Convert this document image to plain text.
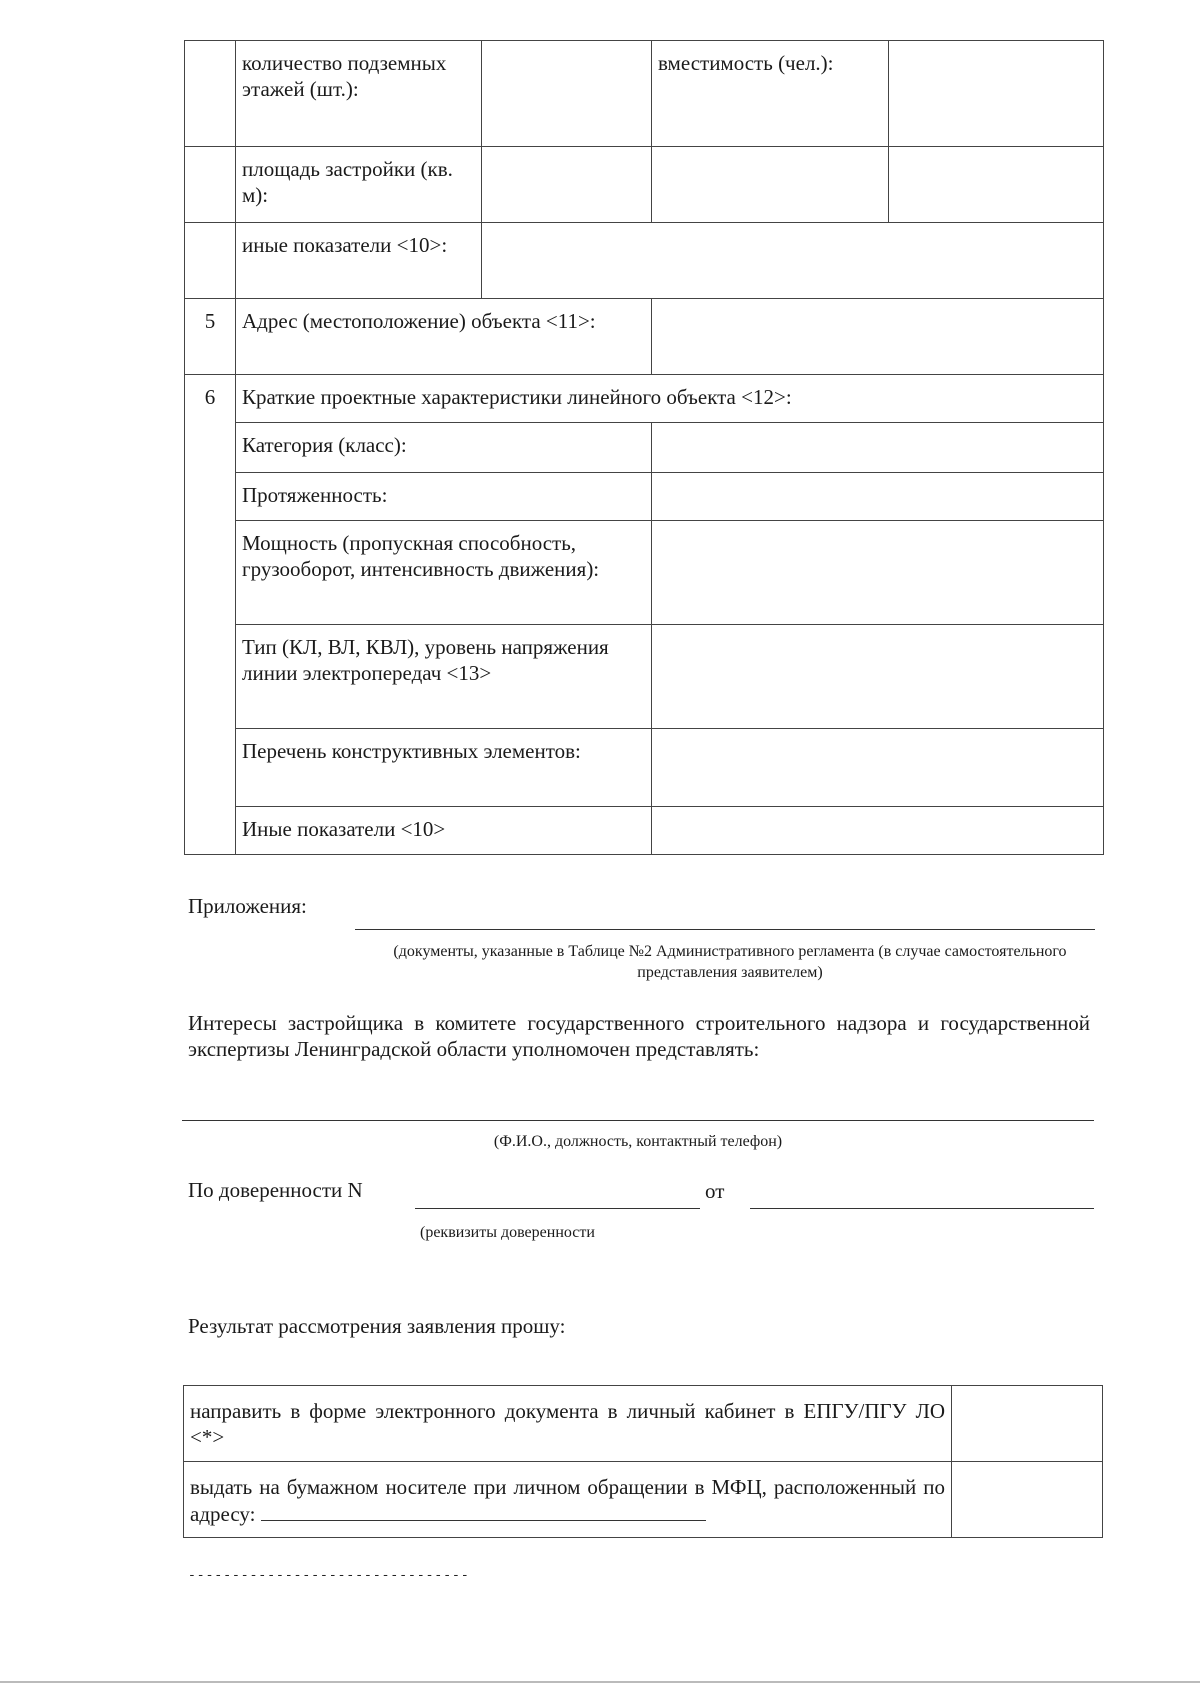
	количество подземных этажей (шт.):		вместимость (чел.):	
	площадь застройки (кв. м):			
	иные показатели <10>:			
5	Адрес (местоположение) объекта <11>:			
6	Краткие проектные характеристики линейного объекта <12>:			
	Категория (класс):			
	Протяженность:			
	Мощность (пропускная способность, грузооборот, интенсивность движения):			
	Тип (КЛ, ВЛ, КВЛ), уровень напряжения линии электропередач <13>			
	Перечень конструктивных элементов:			
	Иные показатели <10>			
Приложения:
(документы, указанные в Таблице №2 Административного регламента (в случае самостоятельного представления заявителем)
Интересы застройщика в комитете государственного строительного надзора и государственной экспертизы Ленинградской области уполномочен представлять:
(Ф.И.О., должность, контактный телефон)
По доверенности N	от
(реквизиты доверенности
Результат рассмотрения заявления прошу:
направить в форме электронного документа в личный кабинет в ЕПГУ/ПГУ ЛО <*>	
выдать на бумажном носителе при личном обращении в МФЦ, расположенный по адресу:	
--------------------------------
